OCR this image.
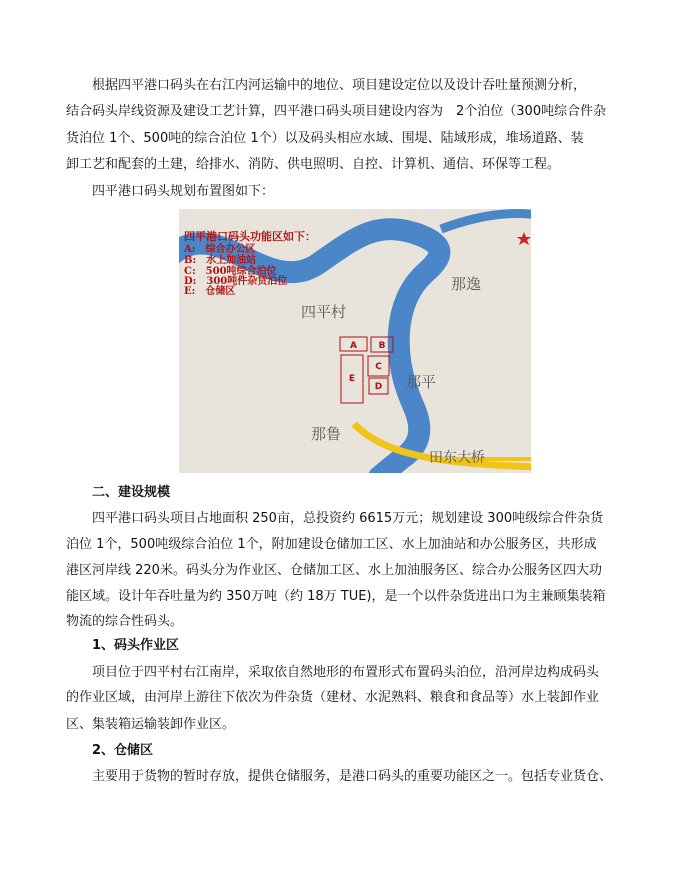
根据四平港口码头在右江内河运输中的地位、项目建设定位以及设计吞吐量预测分析，
结合码头岸线资源及建设工艺计算，四平港口码头项目建设内容为　2个泊位（300吨综合件杂
货泊位 1个、500吨的综合泊位 1个）以及码头相应水域、围堤、陆域形成，堆场道路、装
卸工艺和配套的土建，给排水、消防、供电照明、自控、计算机、通信、环保等工程。
四平港口码头规划布置图如下：
四平港口码头功能区如下：
A:　综合办公区
B:　水上加油站
C:　500吨综合泊位
D:　300吨件杂货泊位
E:　仓储区
四平村
那逸
那平
那鲁
田东大桥
A B
E
C
D
二、建设规模
四平港口码头项目占地面积 250亩，总投资约 6615万元；规划建设 300吨级综合件杂货
泊位 1个，500吨级综合泊位 1个，附加建设仓储加工区、水上加油站和办公服务区，共形成
港区河岸线 220米。码头分为作业区、仓储加工区、水上加油服务区、综合办公服务区四大功
能区域。设计年吞吐量为约 350万吨（约 18万 TUE)，是一个以件杂货进出口为主兼顾集装箱
物流的综合性码头。
1、码头作业区
项目位于四平村右江南岸，采取依自然地形的布置形式布置码头泊位，沿河岸边构成码头
的作业区域，由河岸上游往下依次为件杂货（建材、水泥熟料、粮食和食品等）水上装卸作业
区、集装箱运输装卸作业区。
2、仓储区
主要用于货物的暂时存放，提供仓储服务，是港口码头的重要功能区之一。包括专业货仓、
